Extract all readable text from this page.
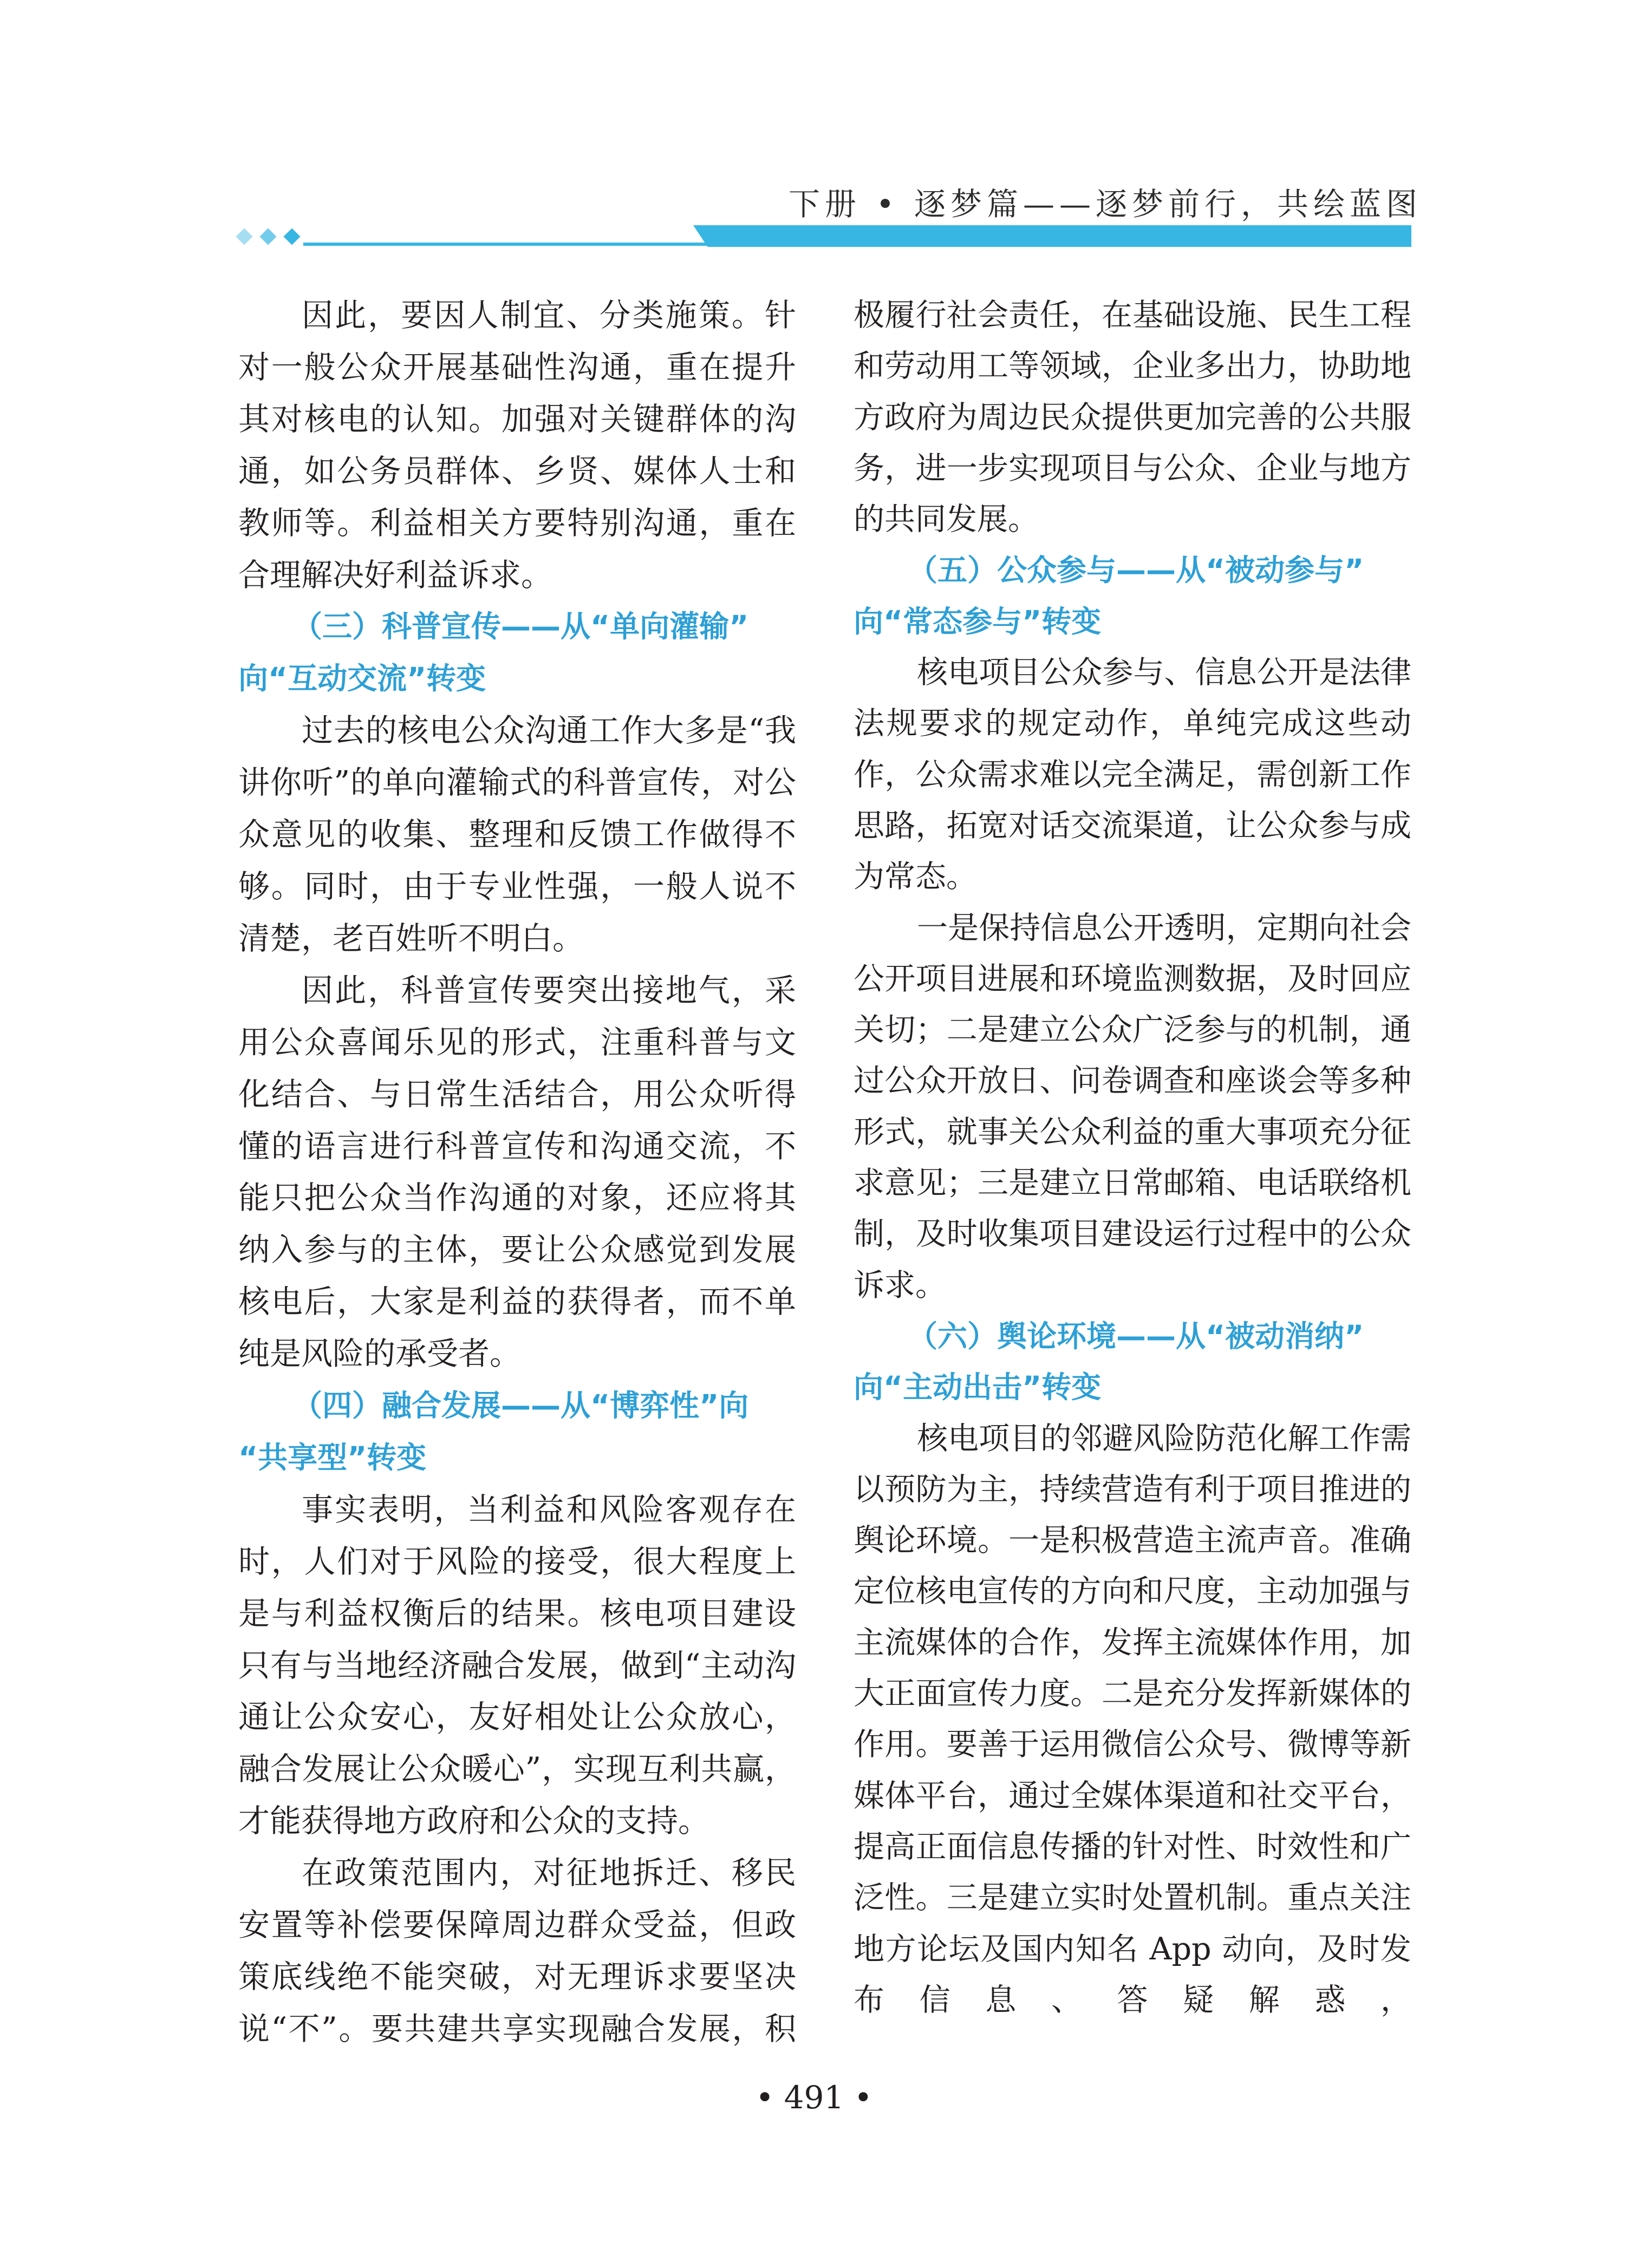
下册 • 逐梦篇——逐梦前行，共绘蓝图

因此，要因人制宜、分类施策。针对一般公众开展基础性沟通，重在提升其对核电的认知。加强对关键群体的沟通，如公务员群体、乡贤、媒体人士和教师等。利益相关方要特别沟通，重在合理解决好利益诉求。

（三）科普宣传——从“单向灌输”
向“互动交流”转变

过去的核电公众沟通工作大多是“我讲你听”的单向灌输式的科普宣传，对公众意见的收集、整理和反馈工作做得不够。同时，由于专业性强，一般人说不清楚，老百姓听不明白。

因此，科普宣传要突出接地气，采用公众喜闻乐见的形式，注重科普与文化结合、与日常生活结合，用公众听得懂的语言进行科普宣传和沟通交流，不能只把公众当作沟通的对象，还应将其纳入参与的主体，要让公众感觉到发展核电后，大家是利益的获得者，而不单纯是风险的承受者。

（四）融合发展——从“博弈性”向
“共享型”转变

事实表明，当利益和风险客观存在时，人们对于风险的接受，很大程度上是与利益权衡后的结果。核电项目建设只有与当地经济融合发展，做到“主动沟通让公众安心，友好相处让公众放心，融合发展让公众暖心”，实现互利共赢，才能获得地方政府和公众的支持。

在政策范围内，对征地拆迁、移民安置等补偿要保障周边群众受益，但政策底线绝不能突破，对无理诉求要坚决说“不”。要共建共享实现融合发展，积

极履行社会责任，在基础设施、民生工程和劳动用工等领域，企业多出力，协助地方政府为周边民众提供更加完善的公共服务，进一步实现项目与公众、企业与地方的共同发展。

（五）公众参与——从“被动参与”
向“常态参与”转变

核电项目公众参与、信息公开是法律法规要求的规定动作，单纯完成这些动作，公众需求难以完全满足，需创新工作思路，拓宽对话交流渠道，让公众参与成为常态。

一是保持信息公开透明，定期向社会公开项目进展和环境监测数据，及时回应关切；二是建立公众广泛参与的机制，通过公众开放日、问卷调查和座谈会等多种形式，就事关公众利益的重大事项充分征求意见；三是建立日常邮箱、电话联络机制，及时收集项目建设运行过程中的公众诉求。

（六）舆论环境——从“被动消纳”
向“主动出击”转变

核电项目的邻避风险防范化解工作需以预防为主，持续营造有利于项目推进的舆论环境。一是积极营造主流声音。准确定位核电宣传的方向和尺度，主动加强与主流媒体的合作，发挥主流媒体作用，加大正面宣传力度。二是充分发挥新媒体的作用。要善于运用微信公众号、微博等新媒体平台，通过全媒体渠道和社交平台，提高正面信息传播的针对性、时效性和广泛性。三是建立实时处置机制。重点关注地方论坛及国内知名 App 动向，及时发布信息、答疑解惑，

• 491 •
